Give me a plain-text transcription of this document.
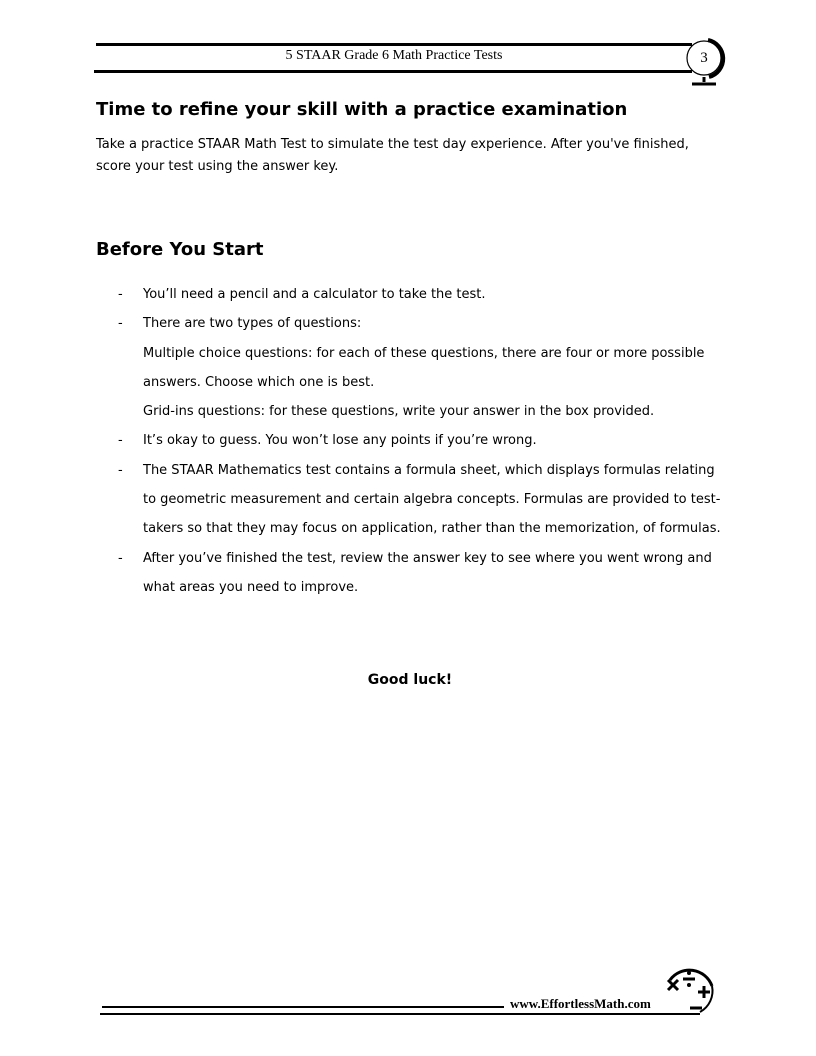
5 STAAR Grade 6 Math Practice Tests	3
Time to refine your skill with a practice examination

Take a practice STAAR Math Test to simulate the test day experience. After you've finished, score your test using the answer key.

Before You Start
- You’ll need a pencil and a calculator to take the test.
- There are two types of questions:
Multiple choice questions: for each of these questions, there are four or more possible answers. Choose which one is best.
Grid-ins questions: for these questions, write your answer in the box provided.
- It’s okay to guess. You won’t lose any points if you’re wrong.
- The STAAR Mathematics test contains a formula sheet, which displays formulas relating to geometric measurement and certain algebra concepts. Formulas are provided to test-takers so that they may focus on application, rather than the memorization, of formulas.
- After you’ve finished the test, review the answer key to see where you went wrong and what areas you need to improve.

Good luck!

www.EffortlessMath.com
